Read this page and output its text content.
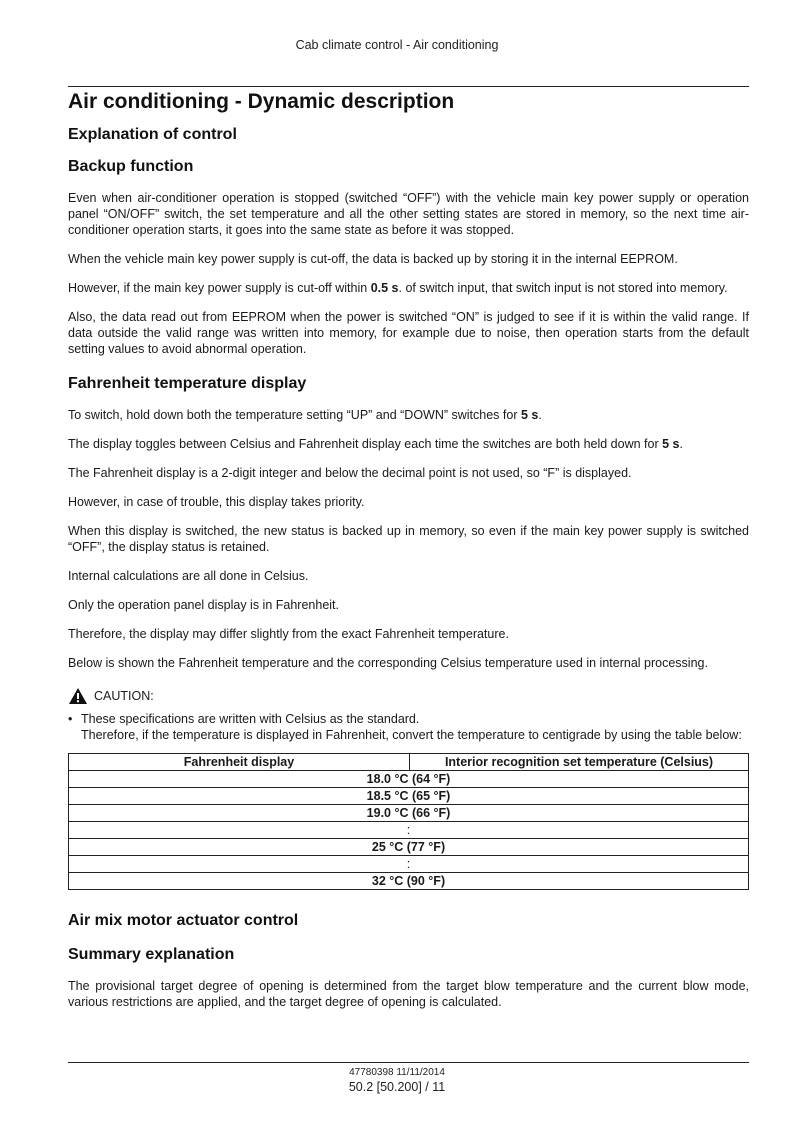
Cab climate control - Air conditioning
Air conditioning - Dynamic description
Explanation of control
Backup function

Even when air-conditioner operation is stopped (switched “OFF”) with the vehicle main key power supply or operation panel “ON/OFF” switch, the set temperature and all the other setting states are stored in memory, so the next time air-conditioner operation starts, it goes into the same state as before it was stopped.

When the vehicle main key power supply is cut-off, the data is backed up by storing it in the internal EEPROM.

However, if the main key power supply is cut-off within 0.5 s. of switch input, that switch input is not stored into memory.

Also, the data read out from EEPROM when the power is switched “ON” is judged to see if it is within the valid range. If data outside the valid range was written into memory, for example due to noise, then operation starts from the default setting values to avoid abnormal operation.

Fahrenheit temperature display

To switch, hold down both the temperature setting “UP” and “DOWN” switches for 5 s.

The display toggles between Celsius and Fahrenheit display each time the switches are both held down for 5 s.

The Fahrenheit display is a 2-digit integer and below the decimal point is not used, so “F” is displayed.

However, in case of trouble, this display takes priority.

When this display is switched, the new status is backed up in memory, so even if the main key power supply is switched “OFF”, the display status is retained.

Internal calculations are all done in Celsius.

Only the operation panel display is in Fahrenheit.

Therefore, the display may differ slightly from the exact Fahrenheit temperature.

Below is shown the Fahrenheit temperature and the corresponding Celsius temperature used in internal processing.

CAUTION:
• These specifications are written with Celsius as the standard.
Therefore, if the temperature is displayed in Fahrenheit, convert the temperature to centigrade by using the table below:
Fahrenheit display	Interior recognition set temperature (Celsius)
18.0 °C (64 °F)
18.5 °C (65 °F)
19.0 °C (66 °F)
:
25 °C (77 °F)
:
32 °C (90 °F)
Air mix motor actuator control
Summary explanation

The provisional target degree of opening is determined from the target blow temperature and the current blow mode, various restrictions are applied, and the target degree of opening is calculated.

47780398 11/11/2014
50.2 [50.200] / 11
